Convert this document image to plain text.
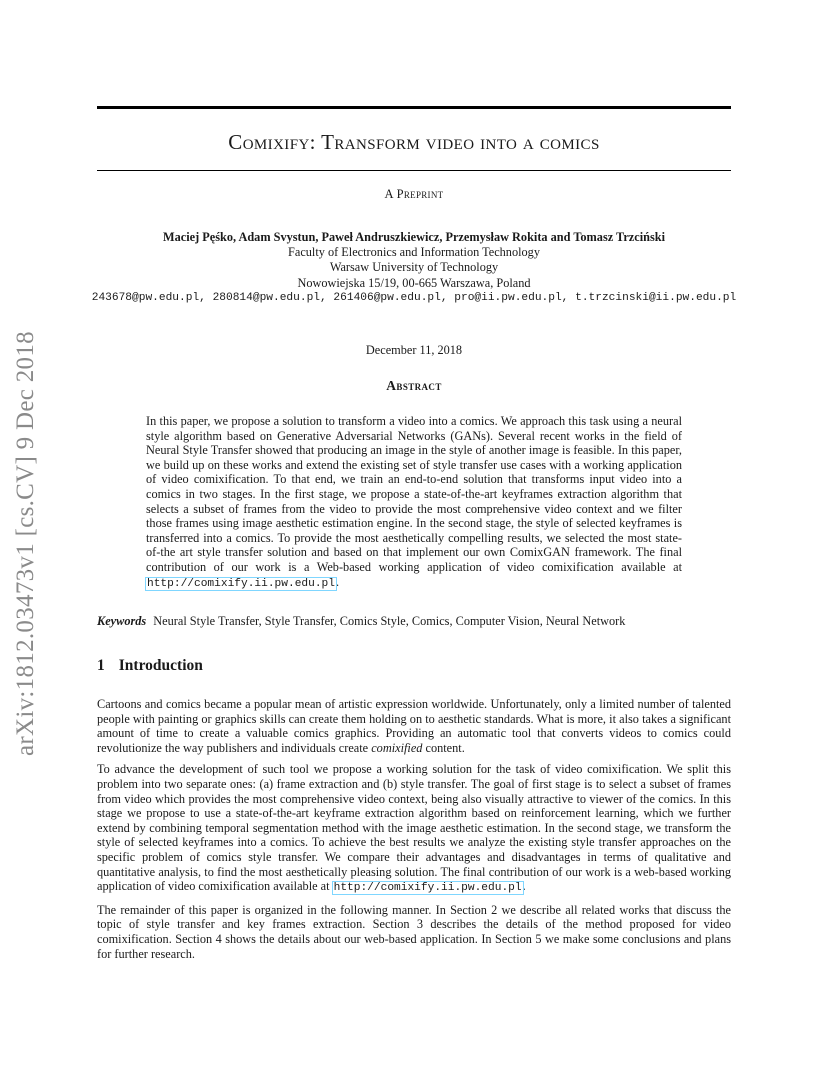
Comixify: Transform video into a comics
A Preprint
Maciej Pęśko, Adam Svystun, Paweł Andruszkiewicz, Przemysław Rokita and Tomasz Trzciński
Faculty of Electronics and Information Technology
Warsaw University of Technology
Nowowiejska 15/19, 00-665 Warszawa, Poland
243678@pw.edu.pl, 280814@pw.edu.pl, 261406@pw.edu.pl, pro@ii.pw.edu.pl, t.trzcinski@ii.pw.edu.pl
December 11, 2018
Abstract
In this paper, we propose a solution to transform a video into a comics. We approach this task using a neural style algorithm based on Generative Adversarial Networks (GANs). Several recent works in the field of Neural Style Transfer showed that producing an image in the style of another image is feasible. In this paper, we build up on these works and extend the existing set of style transfer use cases with a working application of video comixification. To that end, we train an end-to-end solution that transforms input video into a comics in two stages. In the first stage, we propose a state-of-the-art keyframes extraction algorithm that selects a subset of frames from the video to provide the most comprehensive video context and we filter those frames using image aesthetic estimation engine. In the second stage, the style of selected keyframes is transferred into a comics. To provide the most aesthetically compelling results, we selected the most state-of-the art style transfer solution and based on that implement our own ComixGAN framework. The final contribution of our work is a Web-based working application of video comixification available at http://comixify.ii.pw.edu.pl.
Keywords Neural Style Transfer, Style Transfer, Comics Style, Comics, Computer Vision, Neural Network
1 Introduction

Cartoons and comics became a popular mean of artistic expression worldwide. Unfortunately, only a limited number of talented people with painting or graphics skills can create them holding on to aesthetic standards. What is more, it also takes a significant amount of time to create a valuable comics graphics. Providing an automatic tool that converts videos to comics could revolutionize the way publishers and individuals create comixified content.

To advance the development of such tool we propose a working solution for the task of video comixification. We split this problem into two separate ones: (a) frame extraction and (b) style transfer. The goal of first stage is to select a subset of frames from video which provides the most comprehensive video context, being also visually attractive to viewer of the comics. In this stage we propose to use a state-of-the-art keyframe extraction algorithm based on reinforcement learning, which we further extend by combining temporal segmentation method with the image aesthetic estimation. In the second stage, we transform the style of selected keyframes into a comics. To achieve the best results we analyze the existing style transfer approaches on the specific problem of comics style transfer. We compare their advantages and disadvantages in terms of qualitative and quantitative analysis, to find the most aesthetically pleasing solution. The final contribution of our work is a web-based working application of video comixification available at http://comixify.ii.pw.edu.pl.

The remainder of this paper is organized in the following manner. In Section 2 we describe all related works that discuss the topic of style transfer and key frames extraction. Section 3 describes the details of the method proposed for video comixification. Section 4 shows the details about our web-based application. In Section 5 we make some conclusions and plans for further research.

arXiv:1812.03473v1 [cs.CV] 9 Dec 2018
